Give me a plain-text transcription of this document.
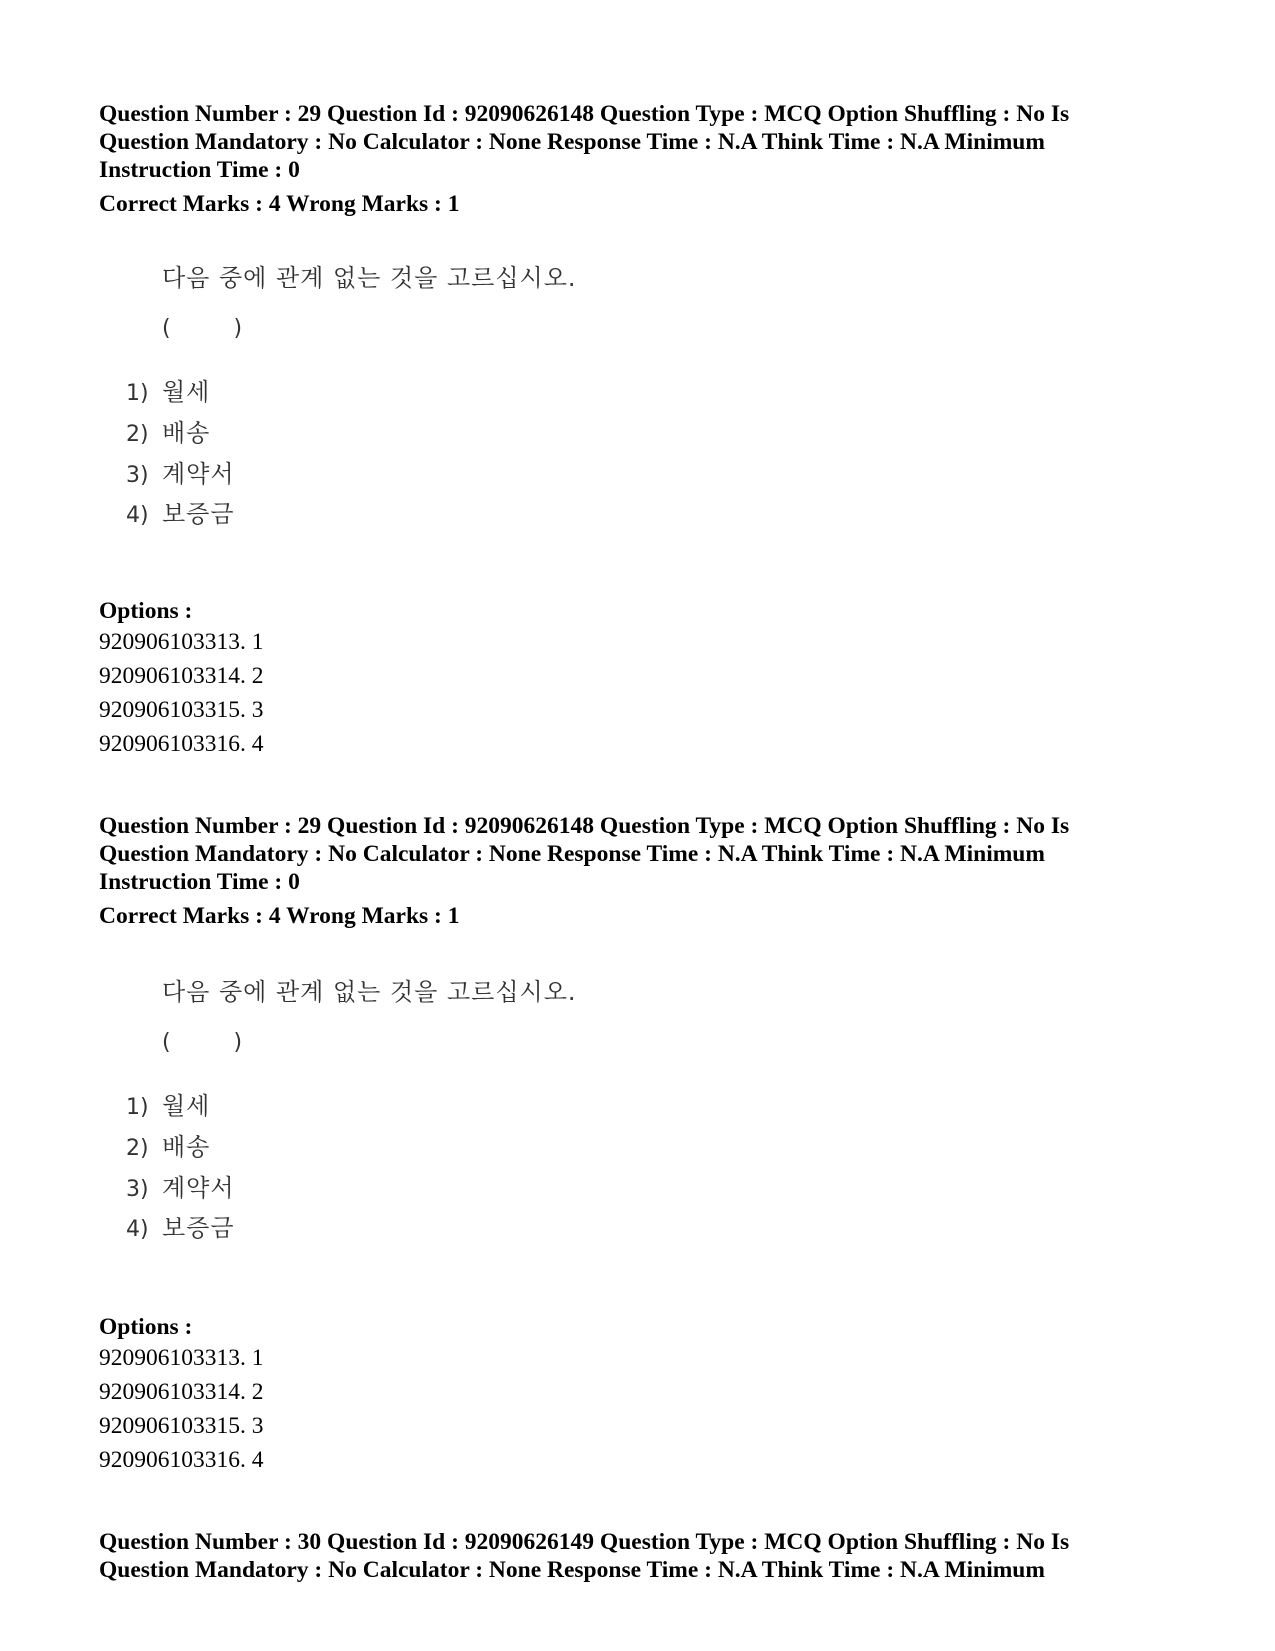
Question Number : 29 Question Id : 92090626148 Question Type : MCQ Option Shuffling : No Is
Question Mandatory : No Calculator : None Response Time : N.A Think Time : N.A Minimum
Instruction Time : 0
Correct Marks : 4 Wrong Marks : 1
다음 중에 관계 없는 것을 고르십시오.
(         )
1) 월세
2) 배송
3) 계약서
4) 보증금
Options :
920906103313. 1
920906103314. 2
920906103315. 3
920906103316. 4
Question Number : 29 Question Id : 92090626148 Question Type : MCQ Option Shuffling : No Is
Question Mandatory : No Calculator : None Response Time : N.A Think Time : N.A Minimum
Instruction Time : 0
Correct Marks : 4 Wrong Marks : 1
다음 중에 관계 없는 것을 고르십시오.
(         )
1) 월세
2) 배송
3) 계약서
4) 보증금
Options :
920906103313. 1
920906103314. 2
920906103315. 3
920906103316. 4
Question Number : 30 Question Id : 92090626149 Question Type : MCQ Option Shuffling : No Is
Question Mandatory : No Calculator : None Response Time : N.A Think Time : N.A Minimum
